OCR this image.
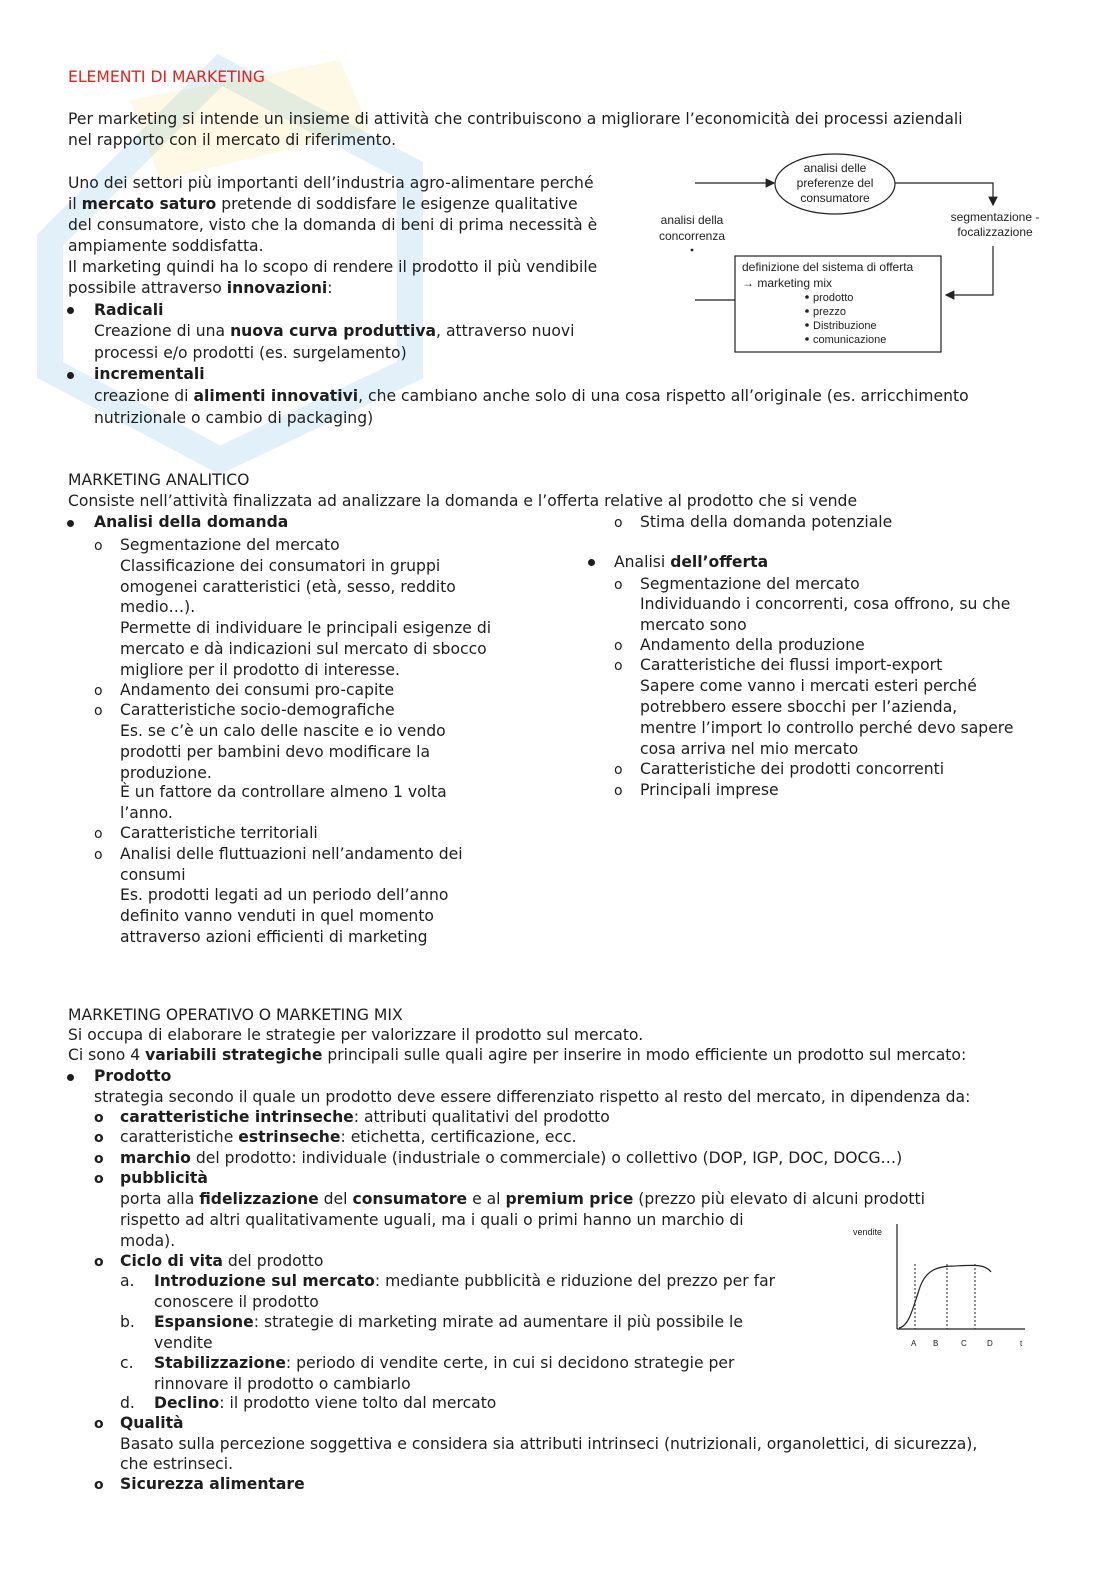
ELEMENTI DI MARKETING

Per marketing si intende un insieme di attività che contribuiscono a migliorare l’economicità dei processi aziendali

nel rapporto con il mercato di riferimento.

Uno dei settori più importanti dell’industria agro-alimentare perché

il mercato saturo pretende di soddisfare le esigenze qualitative

del consumatore, visto che la domanda di beni di prima necessità è

ampiamente soddisfatta.

Il marketing quindi ha lo scopo di rendere il prodotto il più vendibile

possibile attraverso innovazioni:

Radicali

Creazione di una nuova curva produttiva, attraverso nuovi

processi e/o prodotti (es. surgelamento)

incrementali

creazione di alimenti innovativi, che cambiano anche solo di una cosa rispetto all’originale (es. arricchimento

nutrizionale o cambio di packaging)

analisi delle
preferenze del
consumatore
segmentazione -
focalizzazione
definizione del sistema di offerta
→ marketing mix
prodotto
prezzo
Distribuzione
comunicazione
analisi della
concorrenza

MARKETING ANALITICO

Consiste nell’attività finalizzata ad analizzare la domanda e l’offerta relative al prodotto che si vende

Analisi della domanda

o Segmentazione del mercato

Classificazione dei consumatori in gruppi

omogenei caratteristici (età, sesso, reddito

medio…).

Permette di individuare le principali esigenze di

mercato e dà indicazioni sul mercato di sbocco

migliore per il prodotto di interesse.

o Andamento dei consumi pro-capite

o Caratteristiche socio-demografiche

Es. se c’è un calo delle nascite e io vendo

prodotti per bambini devo modificare la

produzione.

È un fattore da controllare almeno 1 volta

l’anno.

o Caratteristiche territoriali

o Analisi delle fluttuazioni nell’andamento dei

consumi

Es. prodotti legati ad un periodo dell’anno

definito vanno venduti in quel momento

attraverso azioni efficienti di marketing

o Stima della domanda potenziale

Analisi dell’offerta

o Segmentazione del mercato

Individuando i concorrenti, cosa offrono, su che

mercato sono

o Andamento della produzione

o Caratteristiche dei flussi import-export

Sapere come vanno i mercati esteri perché

potrebbero essere sbocchi per l’azienda,

mentre l’import lo controllo perché devo sapere

cosa arriva nel mio mercato

o Caratteristiche dei prodotti concorrenti

o Principali imprese

MARKETING OPERATIVO O MARKETING MIX

Si occupa di elaborare le strategie per valorizzare il prodotto sul mercato.

Ci sono 4 variabili strategiche principali sulle quali agire per inserire in modo efficiente un prodotto sul mercato:

Prodotto

strategia secondo il quale un prodotto deve essere differenziato rispetto al resto del mercato, in dipendenza da:

o caratteristiche intrinseche: attributi qualitativi del prodotto

o caratteristiche estrinseche: etichetta, certificazione, ecc.

o marchio del prodotto: individuale (industriale o commerciale) o collettivo (DOP, IGP, DOC, DOCG…)

o pubblicità

porta alla fidelizzazione del consumatore e al premium price (prezzo più elevato di alcuni prodotti

rispetto ad altri qualitativamente uguali, ma i quali o primi hanno un marchio di

moda).

o Ciclo di vita del prodotto

a. Introduzione sul mercato: mediante pubblicità e riduzione del prezzo per far

conoscere il prodotto

b. Espansione: strategie di marketing mirate ad aumentare il più possibile le

vendite

c. Stabilizzazione: periodo di vendite certe, in cui si decidono strategie per

rinnovare il prodotto o cambiarlo

d. Declino: il prodotto viene tolto dal mercato

o Qualità

Basato sulla percezione soggettiva e considera sia attributi intrinseci (nutrizionali, organolettici, di sicurezza),

che estrinseci.

o Sicurezza alimentare

vendite
A B	C	D	t
